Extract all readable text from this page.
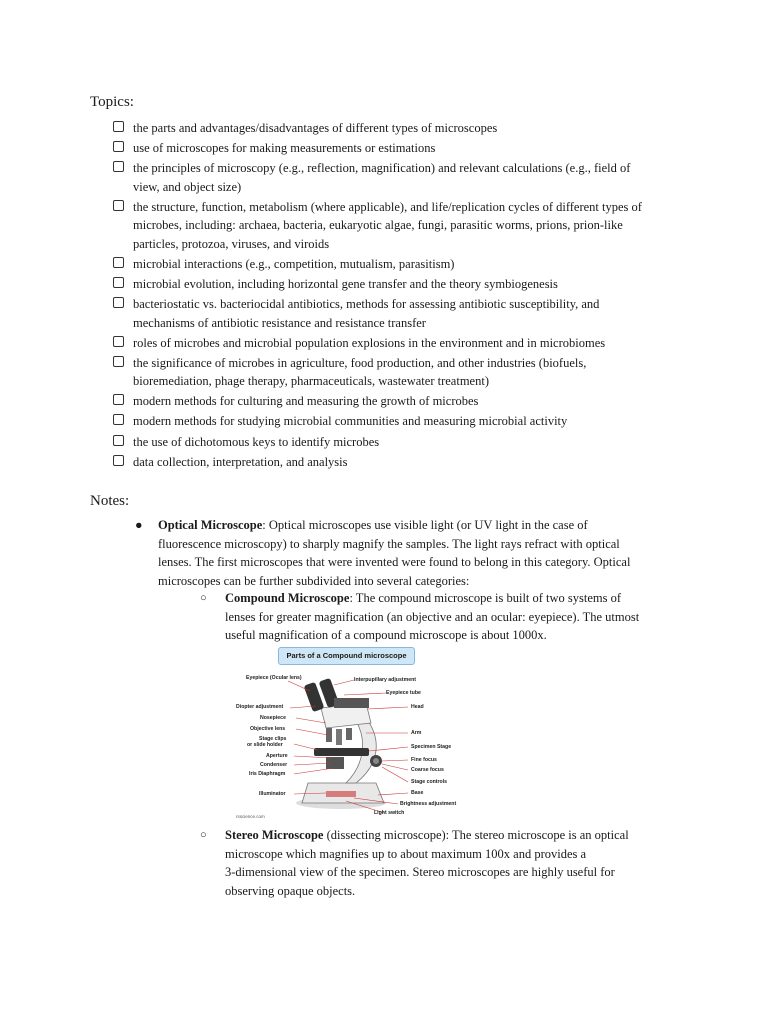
Topics:
the parts and advantages/disadvantages of different types of microscopes
use of microscopes for making measurements or estimations
the principles of microscopy (e.g., reflection, magnification) and relevant calculations (e.g., field of
view, and object size)
the structure, function, metabolism (where applicable), and life/replication cycles of different types of
microbes, including: archaea, bacteria, eukaryotic algae, fungi, parasitic worms, prions, prion-like
particles, protozoa, viruses, and viroids
microbial interactions (e.g., competition, mutualism, parasitism)
microbial evolution, including horizontal gene transfer and the theory symbiogenesis
bacteriostatic vs. bacteriocidal antibiotics, methods for assessing antibiotic susceptibility, and
mechanisms of antibiotic resistance and resistance transfer
roles of microbes and microbial population explosions in the environment and in microbiomes
the significance of microbes in agriculture, food production, and other industries (biofuels,
bioremediation, phage therapy, pharmaceuticals, wastewater treatment)
modern methods for culturing and measuring the growth of microbes
modern methods for studying microbial communities and measuring microbial activity
the use of dichotomous keys to identify microbes
data collection, interpretation, and analysis
Notes:
● Optical Microscope: Optical microscopes use visible light (or UV light in the case of
fluorescence microscopy) to sharply magnify the samples. The light rays refract with optical
lenses. The first microscopes that were invented were found to belong in this category. Optical
microscopes can be further subdivided into several categories:
○ Compound Microscope: The compound microscope is built of two systems of
lenses for greater magnification (an objective and an ocular: eyepiece). The utmost
useful magnification of a compound microscope is about 1000x.
Parts of a Compound microscope
Eyepiece (Ocular lens)
Diopter adjustment
Nosepiece
Objective lens
Stage clips
or slide holder
Aperture
Condenser
Iris Diaphragm
Illuminator
Interpupillary adjustment
Eyepiece tube
Head
Arm
Specimen Stage
Fine focus
Coarse focus
Stage controls
Base
Brightness adjustment
Light switch
rsscience.com
○ Stereo Microscope (dissecting microscope): The stereo microscope is an optical
microscope which magnifies up to about maximum 100x and provides a
3-dimensional view of the specimen. Stereo microscopes are highly useful for
observing opaque objects.
